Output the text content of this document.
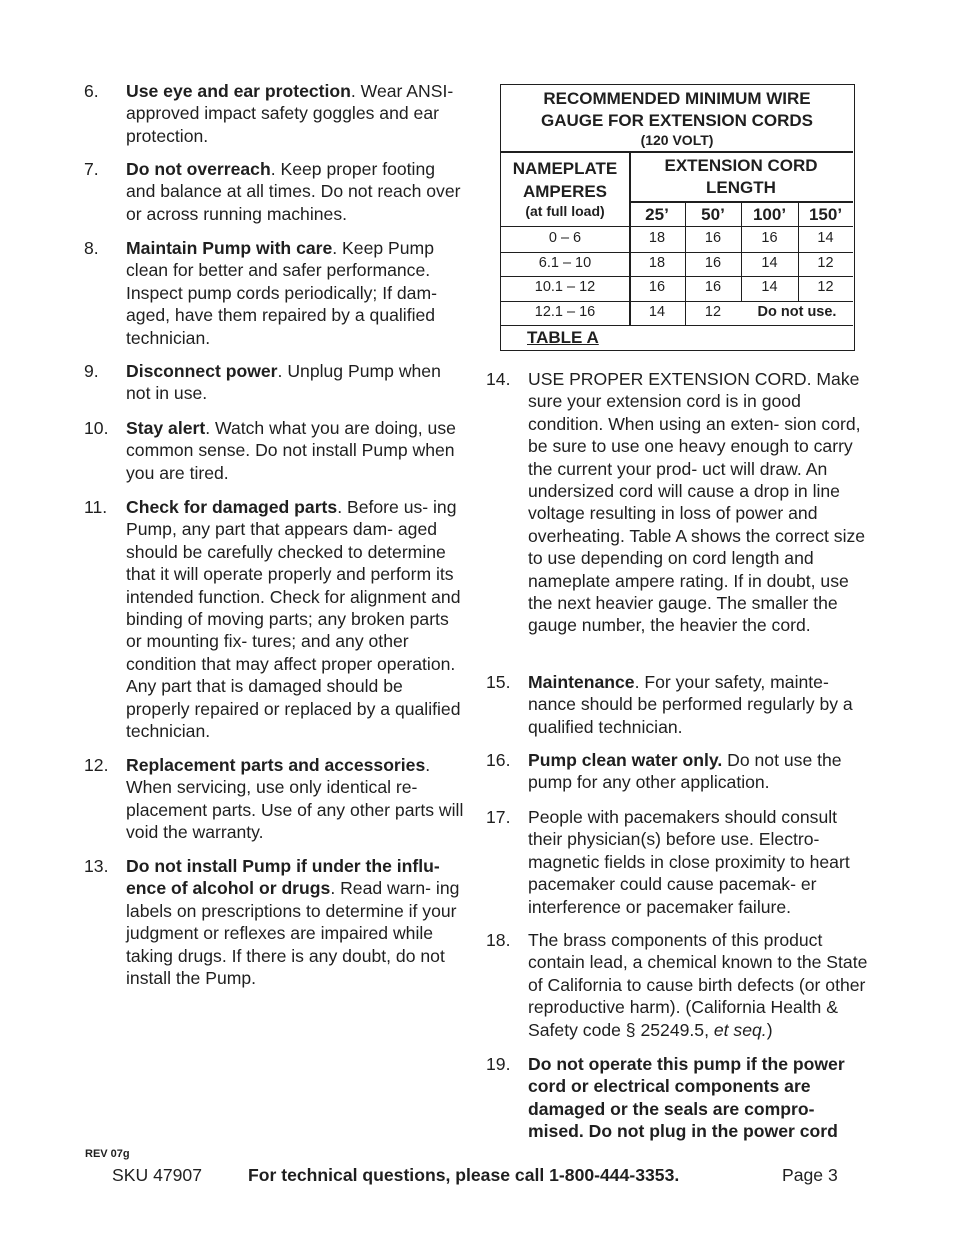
6. Use eye and ear protection. Wear ANSI-approved impact safety goggles and ear protection.
7. Do not overreach. Keep proper footing and balance at all times. Do not reach over or across running machines.
8. Maintain Pump with care. Keep Pump clean for better and safer performance. Inspect pump cords periodically; If dam- aged, have them repaired by a qualified technician.
9. Disconnect power. Unplug Pump when not in use.
10. Stay alert. Watch what you are doing, use common sense. Do not install Pump when you are tired.
11. Check for damaged parts. Before us- ing Pump, any part that appears dam- aged should be carefully checked to determine that it will operate properly and perform its intended function. Check for alignment and binding of moving parts; any broken parts or mounting fix- tures; and any other condition that may affect proper operation. Any part that is damaged should be properly repaired or replaced by a qualified technician.
12. Replacement parts and accessories. When servicing, use only identical re- placement parts. Use of any other parts will void the warranty.
13. Do not install Pump if under the influ- ence of alcohol or drugs. Read warn- ing labels on prescriptions to determine if your judgment or reflexes are impaired while taking drugs. If there is any doubt, do not install the Pump.
RECOMMENDED MINIMUM WIRE
GAUGE FOR EXTENSION CORDS
(120 VOLT)
NAMEPLATE
AMPERES
(at full load)
EXTENSION CORD
LENGTH
25’	50’	100’	150’
0 – 6	18	16	16	14
6.1 – 10	18	16	14	12
10.1 – 12	16	16	14	12
12.1 – 16	14	12	Do not use.
TABLE A
14. USE PROPER EXTENSION CORD. Make sure your extension cord is in good condition. When using an exten- sion cord, be sure to use one heavy enough to carry the current your prod- uct will draw. An undersized cord will cause a drop in line voltage resulting in loss of power and overheating. Table A shows the correct size to use depending on cord length and nameplate ampere rating. If in doubt, use the next heavier gauge. The smaller the gauge number, the heavier the cord.
15. Maintenance. For your safety, mainte- nance should be performed regularly by a qualified technician.
16. Pump clean water only. Do not use the pump for any other application.
17. People with pacemakers should consult their physician(s) before use. Electro- magnetic fields in close proximity to heart pacemaker could cause pacemak- er interference or pacemaker failure.
18. The brass components of this product contain lead, a chemical known to the State of California to cause birth defects (or other reproductive harm). (California Health & Safety code § 25249.5, et seq.)
19. Do not operate this pump if the power cord or electrical components are damaged or the seals are compro- mised. Do not plug in the power cord
REV 07g
SKU 47907	For technical questions, please call 1-800-444-3353.	Page 3
